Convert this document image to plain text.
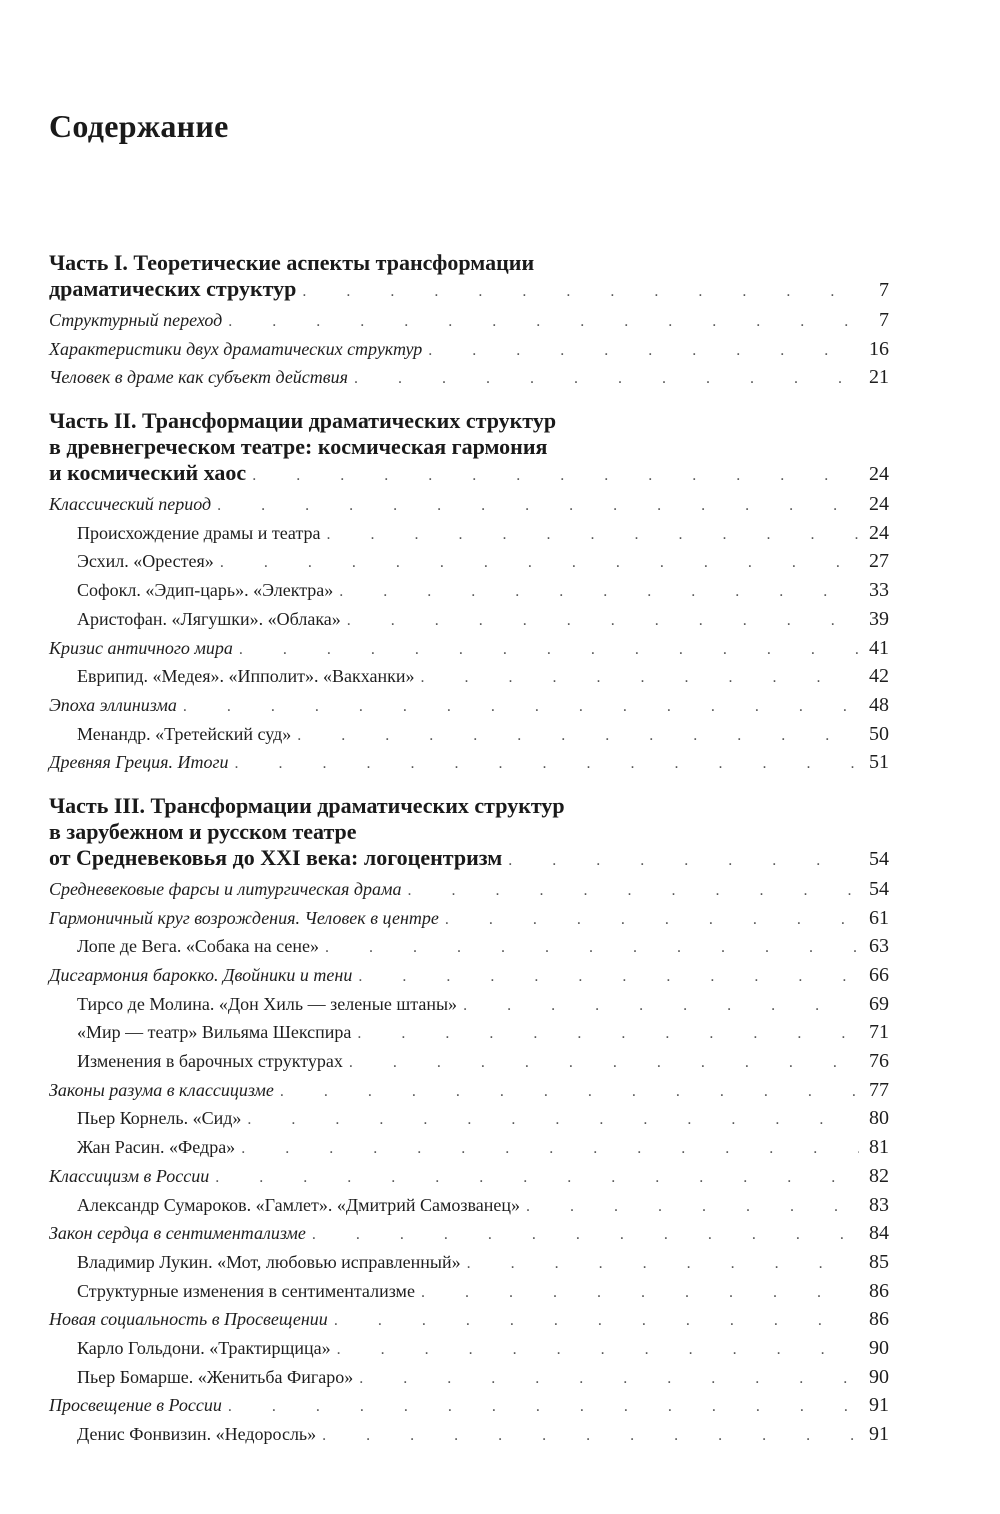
Содержание
Часть I. Теоретические аспекты трансформации
драматических структур .	7
Структурный переход .	7
Характеристики двух драматических структур .	16
Человек в драме как субъект действия .	21
Часть II. Трансформации драматических структур
в древнегреческом театре: космическая гармония
и космический хаос .	24
Классический период .	24
Происхождение драмы и театра .	24
Эсхил. «Орестея» .	27
Софокл. «Эдип-царь». «Электра» .	33
Аристофан. «Лягушки». «Облака» .	39
Кризис античного мира .	41
Еврипид. «Медея». «Ипполит». «Вакханки» .	42
Эпоха эллинизма .	48
Менандр. «Третейский суд» .	50
Древняя Греция. Итоги .	51
Часть III. Трансформации драматических структур
в зарубежном и русском театре
от Средневековья до XXI века: логоцентризм .	54
Средневековые фарсы и литургическая драма .	54
Гармоничный круг возрождения. Человек в центре .	61
Лопе де Вега. «Собака на сене» .	63
Дисгармония барокко. Двойники и тени .	66
Тирсо де Молина. «Дон Хиль — зеленые штаны» .	69
«Мир — театр» Вильяма Шекспира .	71
Изменения в барочных структурах .	76
Законы разума в классицизме .	77
Пьер Корнель. «Сид» .	80
Жан Расин. «Федра» .	81
Классицизм в России .	82
Александр Сумароков. «Гамлет». «Дмитрий Самозванец» .	83
Закон сердца в сентиментализме .	84
Владимир Лукин. «Мот, любовью исправленный» .	85
Структурные изменения в сентиментализме .	86
Новая социальность в Просвещении .	86
Карло Гольдони. «Трактирщица» .	90
Пьер Бомарше. «Женитьба Фигаро» .	90
Просвещение в России .	91
Денис Фонвизин. «Недоросль» .	91
